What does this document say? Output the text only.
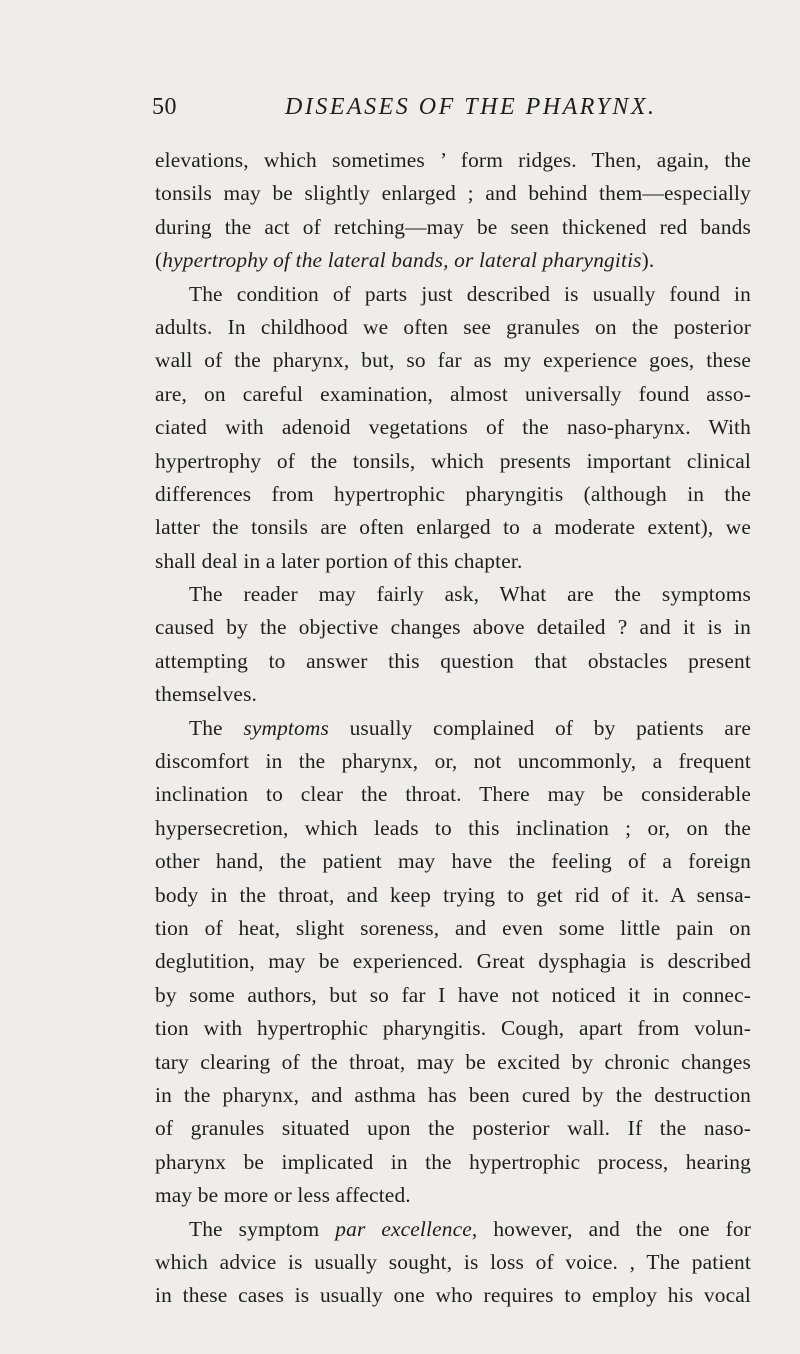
50	DISEASES OF THE PHARYNX.
elevations, which sometimes ’ form ridges. Then, again, the
tonsils may be slightly enlarged ; and behind them—especially
during the act of retching—may be seen thickened red bands
(hypertrophy of the lateral bands, or lateral pharyngitis).
The condition of parts just described is usually found in
adults. In childhood we often see granules on the posterior
wall of the pharynx, but, so far as my experience goes, these
are, on careful examination, almost universally found asso-
ciated with adenoid vegetations of the naso-pharynx. With
hypertrophy of the tonsils, which presents important clinical
differences from hypertrophic pharyngitis (although in the
latter the tonsils are often enlarged to a moderate extent), we
shall deal in a later portion of this chapter.
The reader may fairly ask, What are the symptoms
caused by the objective changes above detailed ? and it is in
attempting to answer this question that obstacles present
themselves.
The symptoms usually complained of by patients are
discomfort in the pharynx, or, not uncommonly, a frequent
inclination to clear the throat. There may be considerable
hypersecretion, which leads to this inclination ; or, on the
other hand, the patient may have the feeling of a foreign
body in the throat, and keep trying to get rid of it. A sensa-
tion of heat, slight soreness, and even some little pain on
deglutition, may be experienced. Great dysphagia is described
by some authors, but so far I have not noticed it in connec-
tion with hypertrophic pharyngitis. Cough, apart from volun-
tary clearing of the throat, may be excited by chronic changes
in the pharynx, and asthma has been cured by the destruction
of granules situated upon the posterior wall. If the naso-
pharynx be implicated in the hypertrophic process, hearing
may be more or less affected.
The symptom par excellence, however, and the one for
which advice is usually sought, is loss of voice. , The patient
in these cases is usually one who requires to employ his vocal
